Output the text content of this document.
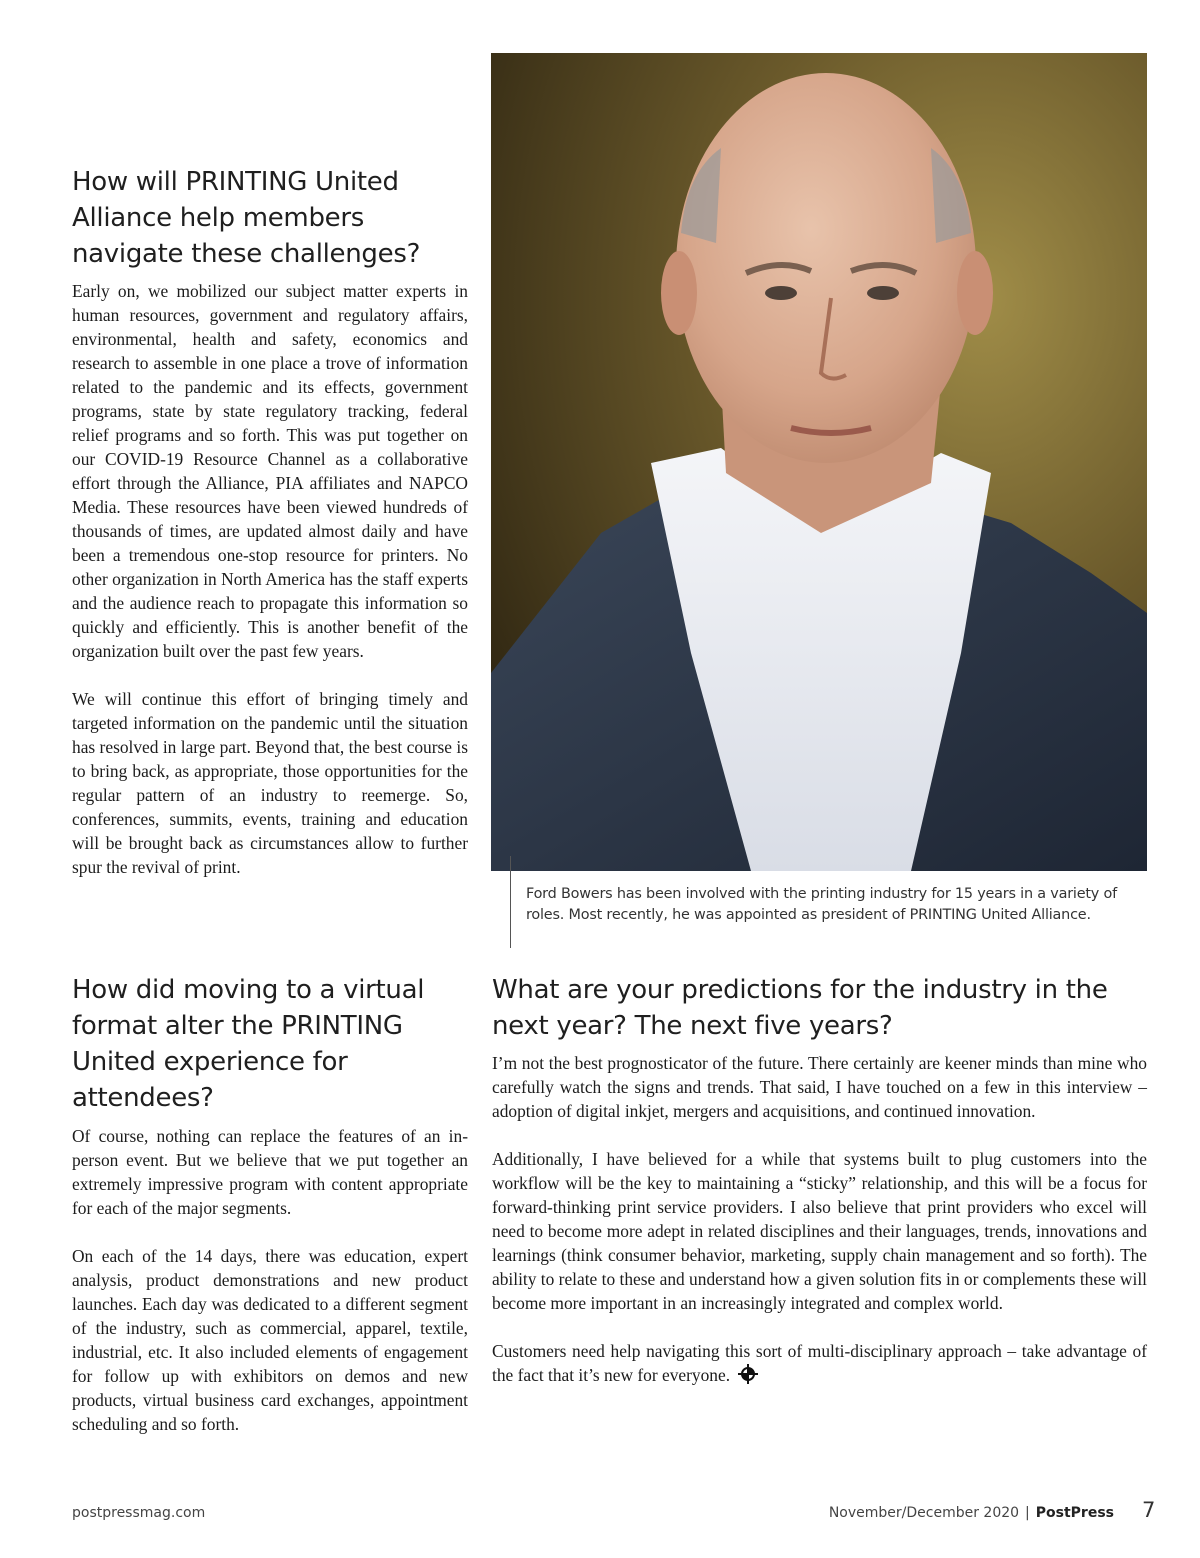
How will PRINTING United Alliance help members navigate these challenges?

Early on, we mobilized our subject matter experts in human resources, government and regulatory affairs, environmental, health and safety, economics and research to assemble in one place a trove of information related to the pandemic and its effects, government programs, state by state regulatory tracking, federal relief programs and so forth. This was put together on our COVID-19 Resource Channel as a collaborative effort through the Alliance, PIA affiliates and NAPCO Media. These resources have been viewed hundreds of thousands of times, are updated almost daily and have been a tremendous one-stop resource for printers. No other organization in North America has the staff experts and the audience reach to propagate this information so quickly and efficiently. This is another benefit of the organization built over the past few years.

We will continue this effort of bringing timely and targeted information on the pandemic until the situation has resolved in large part. Beyond that, the best course is to bring back, as appropriate, those opportunities for the regular pattern of an industry to reemerge. So, conferences, summits, events, training and education will be brought back as circumstances allow to further spur the revival of print.

How did moving to a virtual format alter the PRINTING United experience for attendees?

Of course, nothing can replace the features of an in-person event. But we believe that we put together an extremely impressive program with content appropriate for each of the major segments.

On each of the 14 days, there was education, expert analysis, product demonstrations and new product launches. Each day was dedicated to a different segment of the industry, such as commercial, apparel, textile, industrial, etc. It also included elements of engagement for follow up with exhibitors on demos and new products, virtual business card exchanges, appointment scheduling and so forth.

Ford Bowers has been involved with the printing industry for 15 years in a variety of roles. Most recently, he was appointed as president of PRINTING United Alliance.
What are your predictions for the industry in the next year? The next five years?

I’m not the best prognosticator of the future. There certainly are keener minds than mine who carefully watch the signs and trends. That said, I have touched on a few in this interview – adoption of digital inkjet, mergers and acquisitions, and continued innovation.

Additionally, I have believed for a while that systems built to plug customers into the workflow will be the key to maintaining a “sticky” relationship, and this will be a focus for forward-thinking print service providers. I also believe that print providers who excel will need to become more adept in related disciplines and their languages, trends, innovations and learnings (think consumer behavior, marketing, supply chain management and so forth). The ability to relate to these and understand how a given solution fits in or complements these will become more important in an increasingly integrated and complex world.

Customers need help navigating this sort of multi-disciplinary approach – take advantage of the fact that it’s new for everyone.

postpressmag.com	November/December 2020 | PostPress 7
